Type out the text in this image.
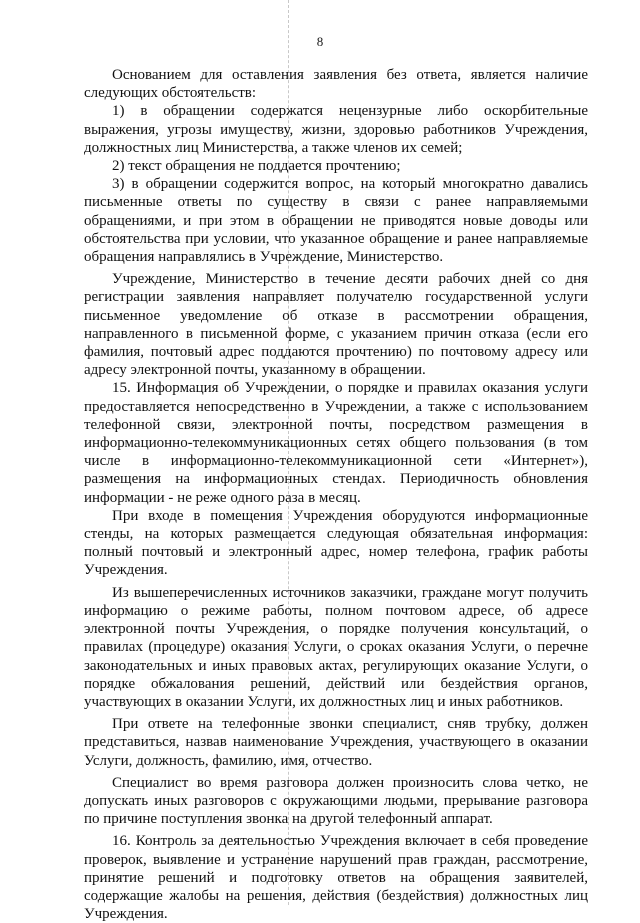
8

Основанием для оставления заявления без ответа, является наличие следующих обстоятельств:

1) в обращении содержатся нецензурные либо оскорбительные выражения, угрозы имуществу, жизни, здоровью работников Учреждения, должностных лиц Министерства, а также членов их семей;

2) текст обращения не поддается прочтению;

3) в обращении содержится вопрос, на который многократно давались письменные ответы по существу в связи с ранее направляемыми обращениями, и при этом в обращении не приводятся новые доводы или обстоятельства при условии, что указанное обращение и ранее направляемые обращения направлялись в Учреждение, Министерство.

Учреждение, Министерство в течение десяти рабочих дней со дня регистрации заявления направляет получателю государственной услуги письменное уведомление об отказе в рассмотрении обращения, направленного в письменной форме, с указанием причин отказа (если его фамилия, почтовый адрес поддаются прочтению) по почтовому адресу или адресу электронной почты, указанному в обращении.

15. Информация об Учреждении, о порядке и правилах оказания услуги предоставляется непосредственно в Учреждении, а также с использованием телефонной связи, электронной почты, посредством размещения в информационно-телекоммуникационных сетях общего пользования (в том числе в информационно-телекоммуникационной сети «Интернет»), размещения на информационных стендах. Периодичность обновления информации - не реже одного раза в месяц.

При входе в помещения Учреждения оборудуются информационные стенды, на которых размещается следующая обязательная информация: полный почтовый и электронный адрес, номер телефона, график работы Учреждения.

Из вышеперечисленных источников заказчики, граждане могут получить информацию о режиме работы, полном почтовом адресе, об адресе электронной почты Учреждения, о порядке получения консультаций, о правилах (процедуре) оказания Услуги, о сроках оказания Услуги, о перечне законодательных и иных правовых актах, регулирующих оказание Услуги, о порядке обжалования решений, действий или бездействия органов, участвующих в оказании Услуги, их должностных лиц и иных работников.

При ответе на телефонные звонки специалист, сняв трубку, должен представиться, назвав наименование Учреждения, участвующего в оказании Услуги, должность, фамилию, имя, отчество.

Специалист во время разговора должен произносить слова четко, не допускать иных разговоров с окружающими людьми, прерывание разговора по причине поступления звонка на другой телефонный аппарат.

16. Контроль за деятельностью Учреждения включает в себя проведение проверок, выявление и устранение нарушений прав граждан, рассмотрение, принятие решений и подготовку ответов на обращения заявителей, содержащие жалобы на решения, действия (бездействия) должностных лиц Учреждения.
